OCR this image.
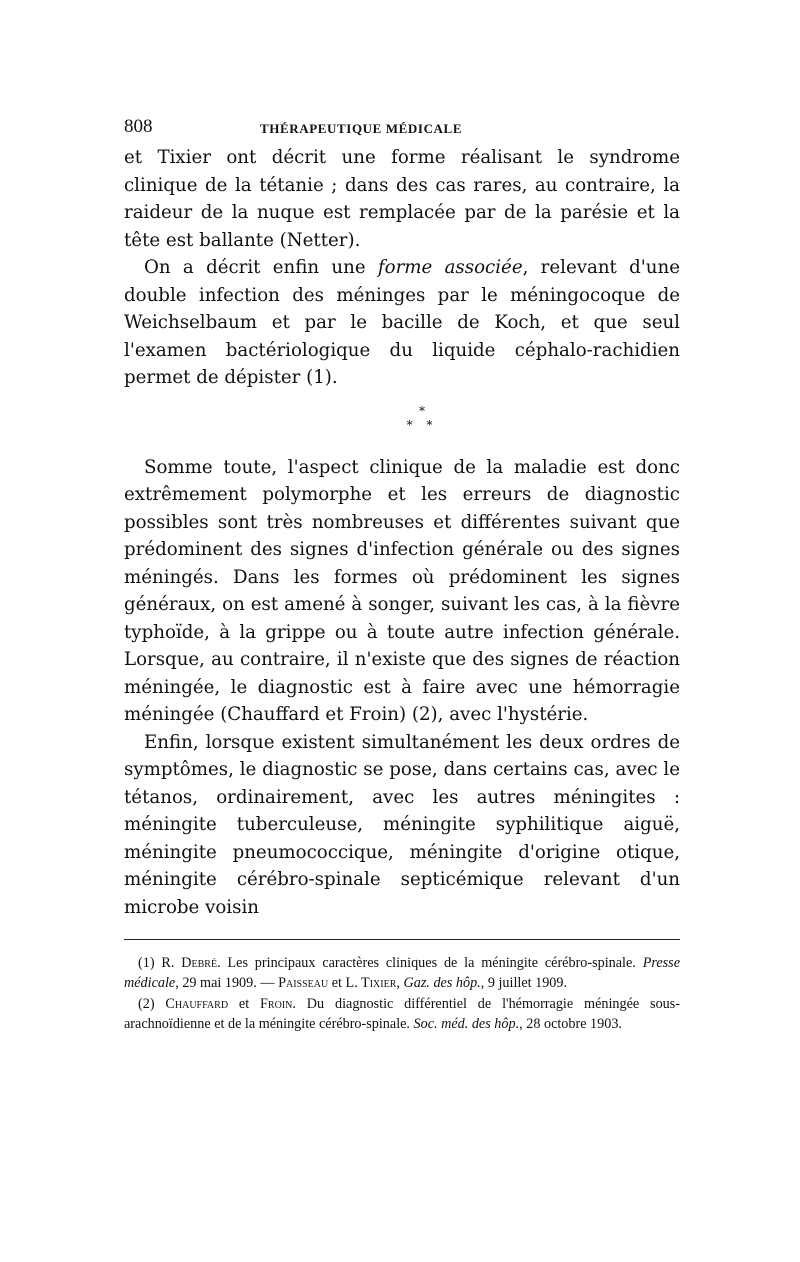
808	THÉRAPEUTIQUE MÉDICALE

et Tixier ont décrit une forme réalisant le syndrome clinique de la tétanie ; dans des cas rares, au contraire, la raideur de la nuque est remplacée par de la parésie et la tête est ballante (Netter).

On a décrit enfin une forme associée, relevant d'une double infection des méninges par le méningocoque de Weichselbaum et par le bacille de Koch, et que seul l'examen bactériologique du liquide céphalo-rachidien permet de dépister (1).

*
* *

Somme toute, l'aspect clinique de la maladie est donc extrêmement polymorphe et les erreurs de diagnostic possibles sont très nombreuses et différentes suivant que prédominent des signes d'infection générale ou des signes méningés. Dans les formes où prédominent les signes généraux, on est amené à songer, suivant les cas, à la fièvre typhoïde, à la grippe ou à toute autre infection générale. Lorsque, au contraire, il n'existe que des signes de réaction méningée, le diagnostic est à faire avec une hémorragie méningée (Chauffard et Froin) (2), avec l'hystérie.

Enfin, lorsque existent simultanément les deux ordres de symptômes, le diagnostic se pose, dans certains cas, avec le tétanos, ordinairement, avec les autres méningites : méningite tuberculeuse, méningite syphilitique aiguë, méningite pneumococcique, méningite d'origine otique, méningite cérébro-spinale septicémique relevant d'un microbe voisin

(1) R. Debré. Les principaux caractères cliniques de la méningite cérébro-spinale. Presse médicale, 29 mai 1909. — Paisseau et L. Tixier, Gaz. des hôp., 9 juillet 1909.

(2) Chauffard et Froin. Du diagnostic différentiel de l'hémorragie méningée sous-arachnoïdienne et de la méningite cérébro-spinale. Soc. méd. des hôp., 28 octobre 1903.
